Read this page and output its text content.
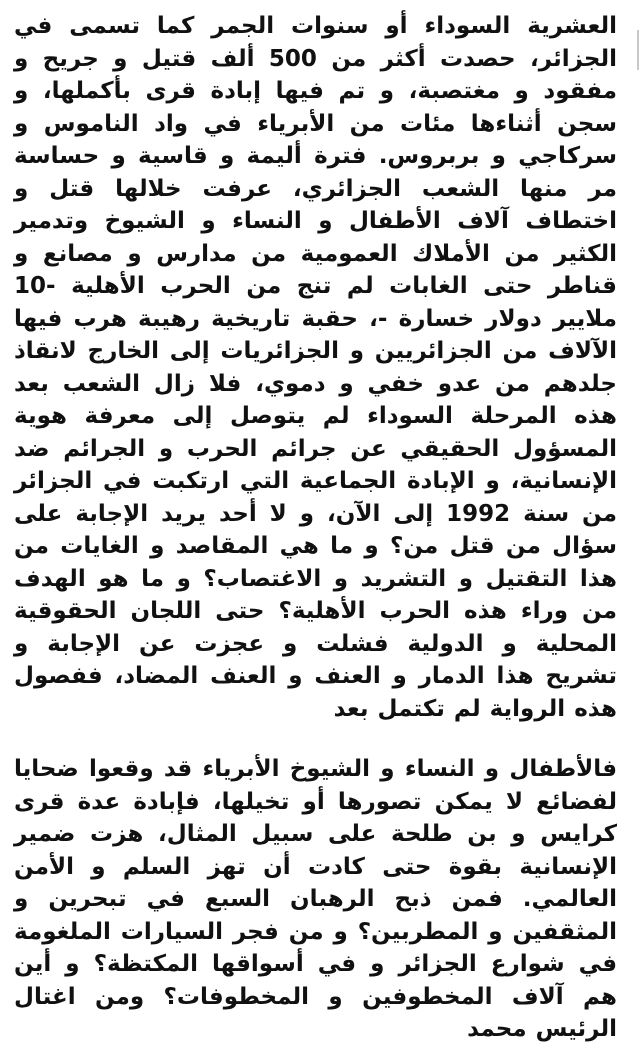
العشرية السوداء أو سنوات الجمر كما تسمى في الجزائر، حصدت أكثر من 500 ألف قتيل و جريح و مفقود و مغتصبة، و تم فيها إبادة قرى بأكملها، و سجن أثناءها مئات من الأبرياء في واد الناموس و سركاجي و بربروس. فترة أليمة و قاسية و حساسة مر منها الشعب الجزائري، عرفت خلالها قتل و اختطاف آلاف الأطفال و النساء و الشيوخ وتدمير الكثير من الأملاك العمومية من مدارس و مصانع و قناطر حتى الغابات لم تنج من الحرب الأهلية -10 ملايير دولار خسارة -، حقبة تاريخية رهيبة هرب فيها الآلاف من الجزائريين و الجزائريات إلى الخارج لانقاذ جلدهم من عدو خفي و دموي، فلا زال الشعب بعد هذه المرحلة السوداء لم يتوصل إلى معرفة هوية المسؤول الحقيقي عن جرائم الحرب و الجرائم ضد الإنسانية، و الإبادة الجماعية التي ارتكبت في الجزائر من سنة 1992 إلى الآن، و لا أحد يريد الإجابة على سؤال من قتل من؟ و ما هي المقاصد و الغايات من هذا التقتيل و التشريد و الاغتصاب؟ و ما هو الهدف من وراء هذه الحرب الأهلية؟ حتى اللجان الحقوقية المحلية و الدولية فشلت و عجزت عن الإجابة و تشريح هذا الدمار و العنف و العنف المضاد، ففصول هذه الرواية لم تكتمل بعد

فالأطفال و النساء و الشيوخ الأبرياء قد وقعوا ضحايا لفضائع لا يمكن تصورها أو تخيلها، فإبادة عدة قرى كرايس و بن طلحة على سبيل المثال، هزت ضمير الإنسانية بقوة حتى كادت أن تهز السلم و الأمن العالمي. فمن ذبح الرهبان السبع في تبحرين و المثقفين و المطربين؟ و من فجر السيارات الملغومة في شوارع الجزائر و في أسواقها المكتظة؟ و أين هم آلاف المخطوفين و المخطوفات؟ ومن اغتال الرئيس محمد
